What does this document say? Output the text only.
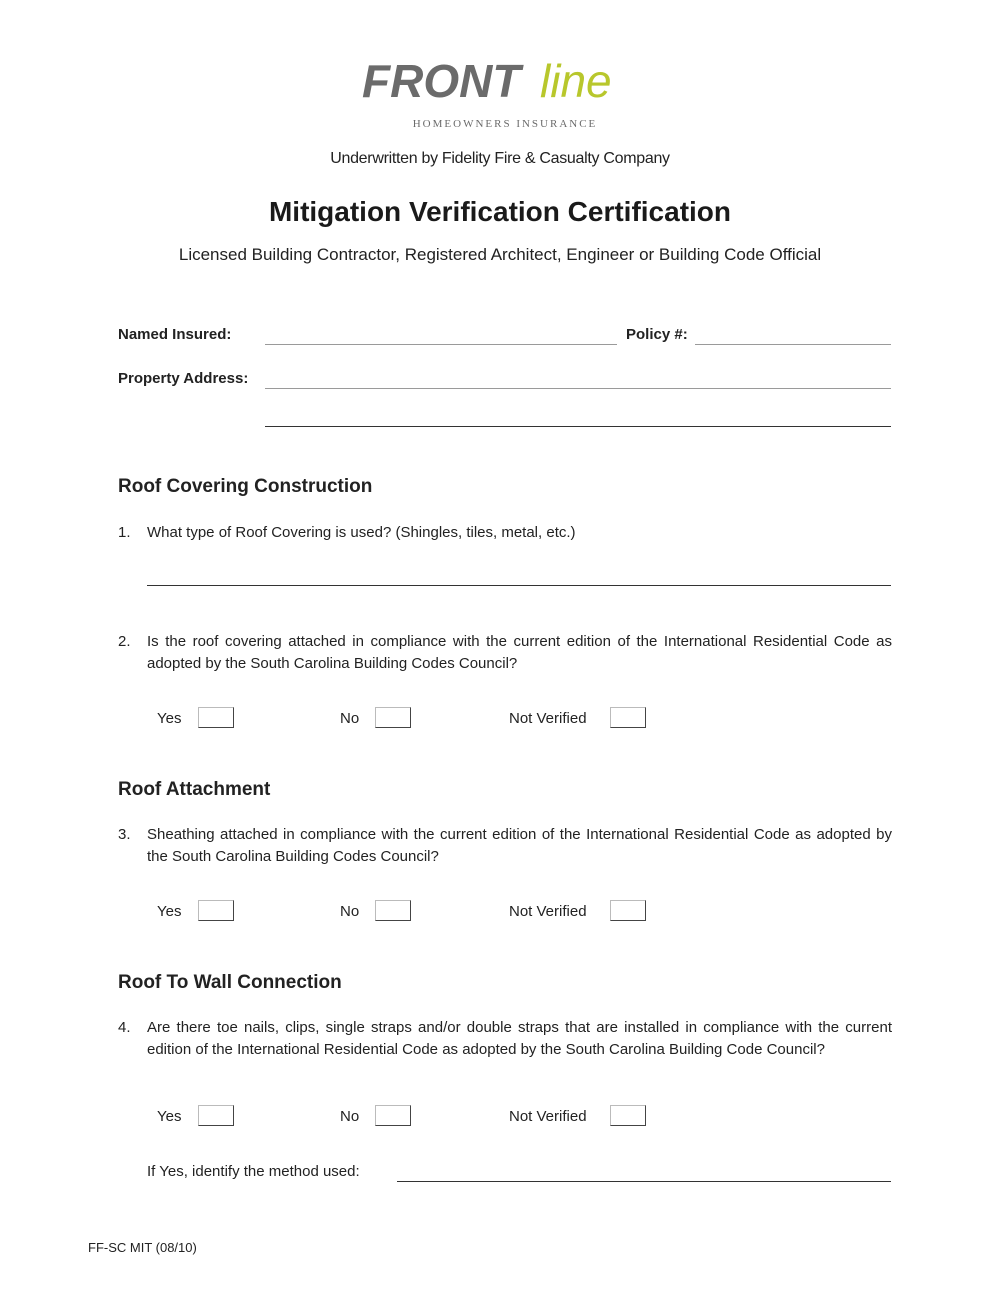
FRONT line
HOMEOWNERS INSURANCE
Underwritten by Fidelity Fire & Casualty Company
Mitigation Verification Certification
Licensed Building Contractor, Registered Architect, Engineer or Building Code Official
Named Insured:	Policy #:
Property Address:
Roof Covering Construction
1. What type of Roof Covering is used? (Shingles, tiles, metal, etc.)
2. Is the roof covering attached in compliance with the current edition of the International Residential Code as adopted by the South Carolina Building Codes Council?
Yes	No	Not Verified
Roof Attachment
3. Sheathing attached in compliance with the current edition of the International Residential Code as adopted by the South Carolina Building Codes Council?
Yes	No	Not Verified
Roof To Wall Connection
4. Are there toe nails, clips, single straps and/or double straps that are installed in compliance with the current edition of the International Residential Code as adopted by the South Carolina Building Code Council?
Yes	No	Not Verified
If Yes, identify the method used:
FF-SC MIT (08/10)
